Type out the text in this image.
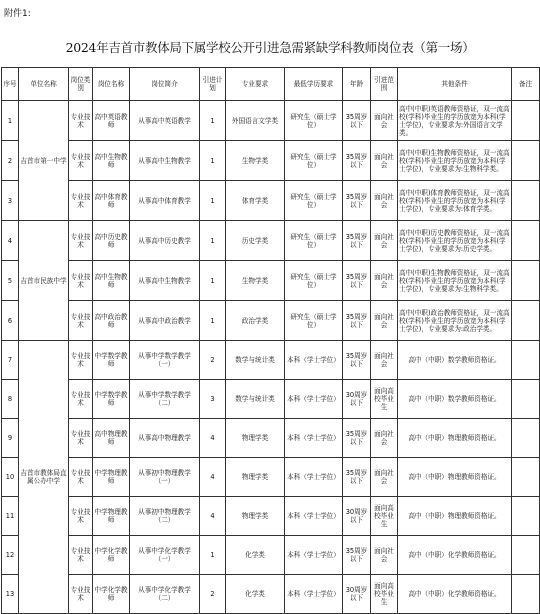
附件1:
2024年吉首市教体局下属学校公开引进急需紧缺学科教师岗位表（第一场）
序号	单位名称	岗位类别	岗位名称	岗位简介	引进计划	专业要求	最低学历要求	年龄	引进范围	其他条件	备注
1	吉首市第一中学	专业技术	高中英语教师	从事高中英语教学	1	外国语言文学类	研究生（硕士学位）	35周岁以下	面向社会	高中(中职)英语教师资格证，双一流高校(学科)毕业生的学历放宽为本科(学士学位)，专业要求为:外国语言文学类。	
2		专业技术	高中生物教师	从事高中生物教学	1	生物学类	研究生（硕士学位）	35周岁以下	面向社会	高中(中职)生物教师资格证，双一流高校(学科)毕业生的学历放宽为本科(学士学位)，专业要求为:生物科学类。	
3		专业技术	高中体育教师	从事高中体育教学	1	体育学类	研究生（硕士学位）	35周岁以下	面向社会	高中(中职)体育教师资格证，双一流高校(学科)毕业生的学历放宽为本科(学士学位)，专业要求为:体育学类。	
4	吉首市民族中学	专业技术	高中历史教师	从事高中历史教学	1	历史学类	研究生（硕士学位）	35周岁以下	面向社会	高中(中职)历史教师资格证，双一流高校(学科)毕业生的学历放宽为本科(学士学位)，专业要求为:历史学类。	
5		专业技术	高中生物教师	从事高中生物教学	1	生物学类	研究生（硕士学位）	35周岁以下	面向社会	高中(中职)生物教师资格证，双一流高校(学科)毕业生的学历放宽为本科(学士学位)，专业要求为:生物科学类。	
6		专业技术	高中政治教师	从事高中政治教学	1	政治学类	研究生（硕士学位）	35周岁以下	面向社会	高中(中职)政治教师资格证，双一流高校(学科)毕业生的学历放宽为本科(学士学位)，专业要求为:政治学类。	
7	吉首市教体局直属公办中学	专业技术	中学数学教师	从事中学数学教学（一）	2	数学与统计类	本科（学士学位）	35周岁以下	面向社会	高中（中职）数学教师资格证。	
8		专业技术	中学数学教师	从事中学数学教学（二）	3	数学与统计类	本科（学士学位）	30周岁以下	面向高校毕业生	高中（中职）数学教师资格证。	
9		专业技术	高中物理教师	从事高中物理教学	4	物理学类	本科（学士学位）	35周岁以下	面向社会	高中（中职）物理教师资格证。	
10		专业技术	中学物理教师	从事初中物理教学（一）	4	物理学类	本科（学士学位）	35周岁以下	面向社会	高中（中职）物理教师资格证。	
11		专业技术	中学物理教师	从事初中物理教学（二）	4	物理学类	本科（学士学位）	30周岁以下	面向高校毕业生	高中（中职）物理教师资格证。	
12		专业技术	中学化学教师	从事中学化学教学（一）	1	化学类	本科（学士学位）	35周岁以下	面向社会	高中（中职）化学教师资格证。	
13		专业技术	中学化学教师	从事中学化学教学（二）	2	化学类	本科（学士学位）	30周岁以下	面向高校毕业生	高中（中职）化学教师资格证。	
